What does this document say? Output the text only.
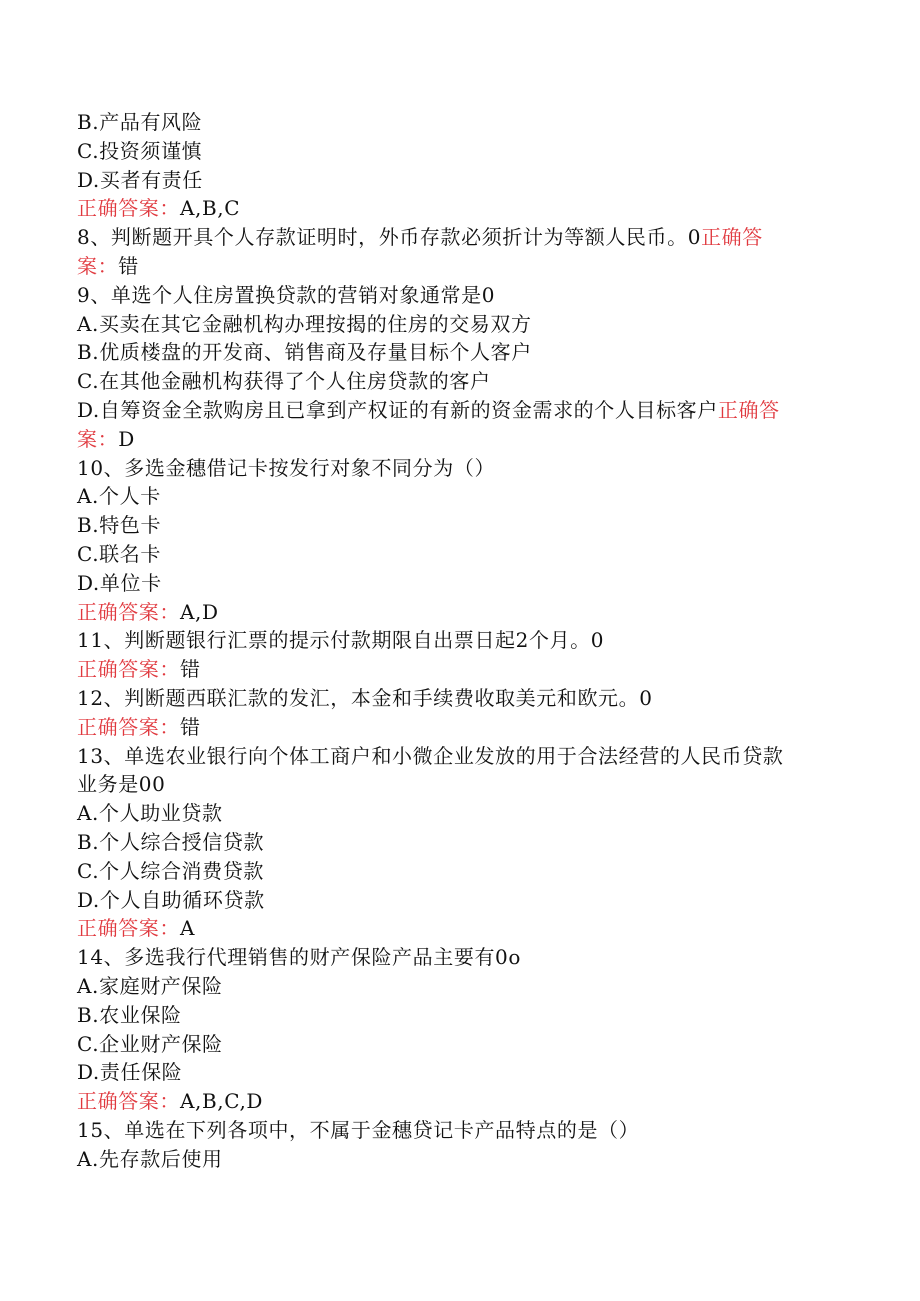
B.产品有风险
C.投资须谨慎
D.买者有责任
正确答案：A,B,C
8、判断题开具个人存款证明时，外币存款必须折计为等额人民币。0正确答
案：错
9、单选个人住房置换贷款的营销对象通常是0
A.买卖在其它金融机构办理按揭的住房的交易双方
B.优质楼盘的开发商、销售商及存量目标个人客户
C.在其他金融机构获得了个人住房贷款的客户
D.自筹资金全款购房且已拿到产权证的有新的资金需求的个人目标客户正确答
案：D
10、多选金穗借记卡按发行对象不同分为（）
A.个人卡
B.特色卡
C.联名卡
D.单位卡
正确答案：A,D
11、判断题银行汇票的提示付款期限自出票日起2个月。0
正确答案：错
12、判断题西联汇款的发汇，本金和手续费收取美元和欧元。0
正确答案：错
13、单选农业银行向个体工商户和小微企业发放的用于合法经营的人民币贷款
业务是00
A.个人助业贷款
B.个人综合授信贷款
C.个人综合消费贷款
D.个人自助循环贷款
正确答案：A
14、多选我行代理销售的财产保险产品主要有0o
A.家庭财产保险
B.农业保险
C.企业财产保险
D.责任保险
正确答案：A,B,C,D
15、单选在下列各项中，不属于金穗贷记卡产品特点的是（）
A.先存款后使用
